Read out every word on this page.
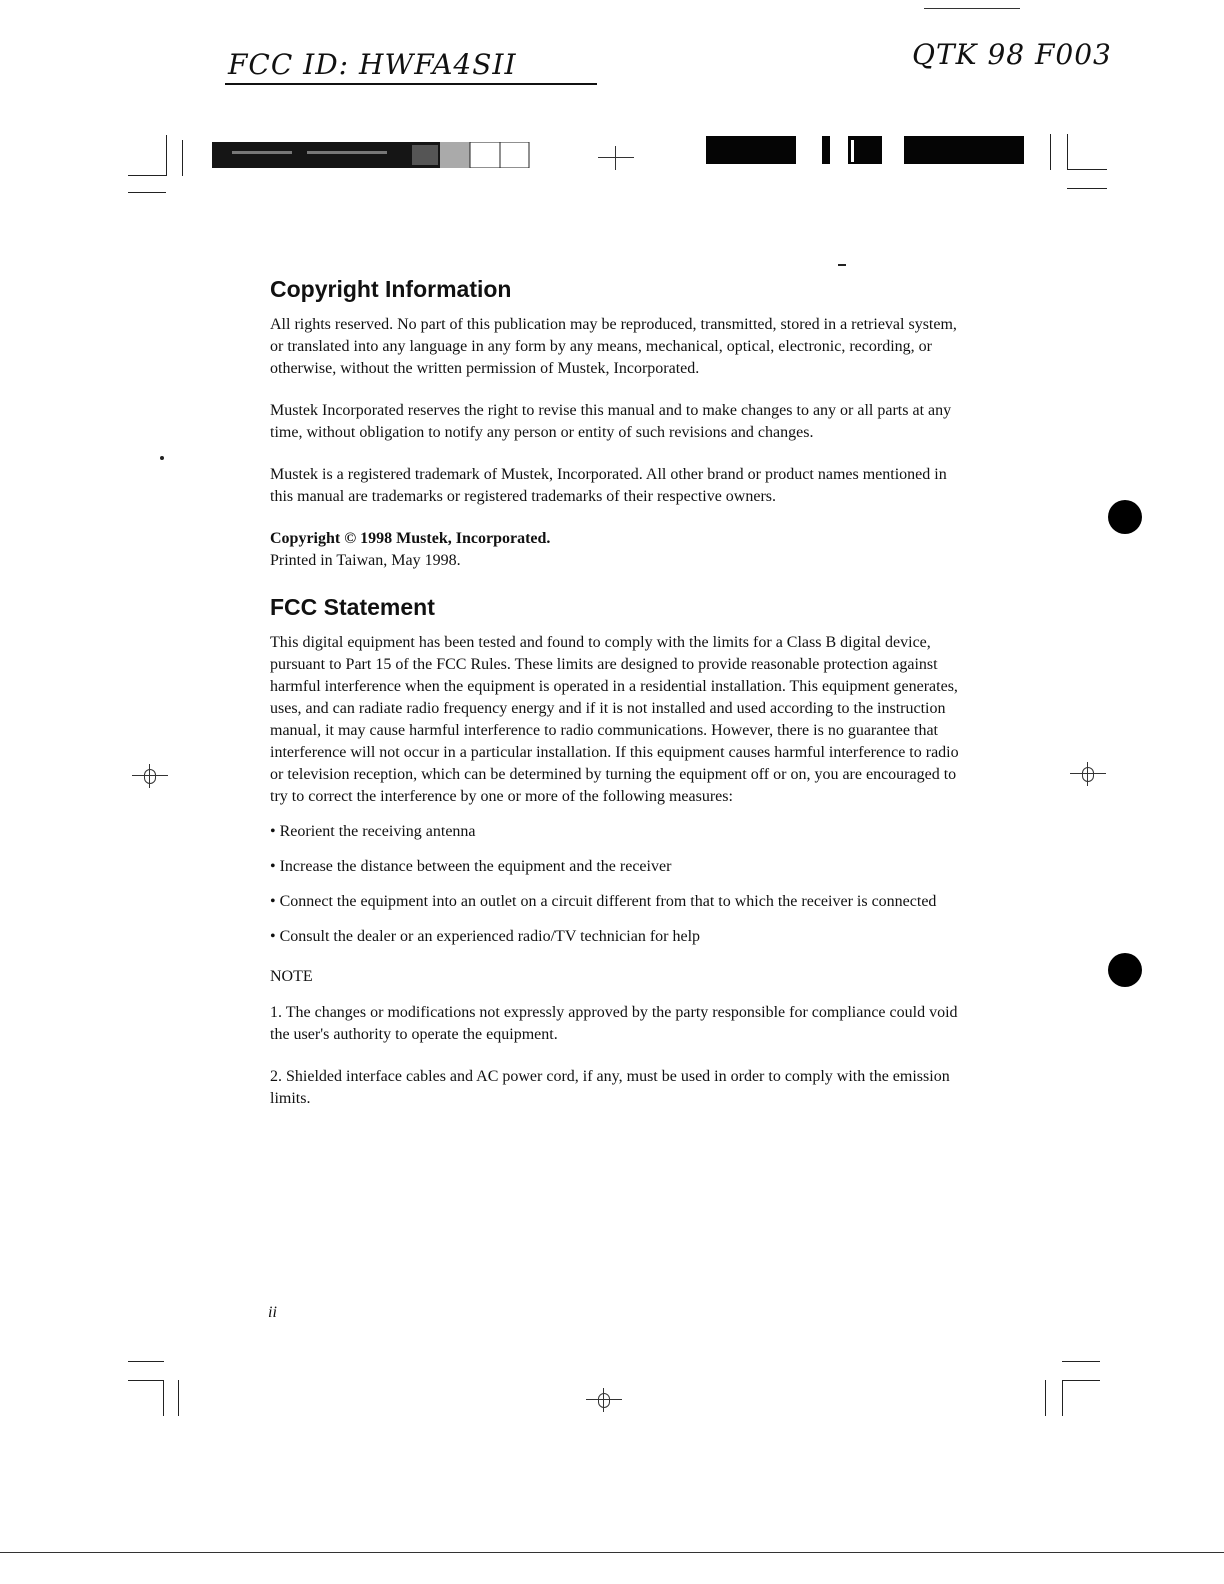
FCC ID: HWFA4SII	QTK 98 F003
Copyright Information

All rights reserved. No part of this publication may be reproduced, transmitted, stored in a retrieval system, or translated into any language in any form by any means, mechanical, optical, electronic, recording, or otherwise, without the written permission of Mustek, Incorporated.

Mustek Incorporated reserves the right to revise this manual and to make changes to any or all parts at any time, without obligation to notify any person or entity of such revisions and changes.

Mustek is a registered trademark of Mustek, Incorporated. All other brand or product names mentioned in this manual are trademarks or registered trademarks of their respective owners.

Copyright © 1998 Mustek, Incorporated.

Printed in Taiwan, May 1998.

FCC Statement

This digital equipment has been tested and found to comply with the limits for a Class B digital device, pursuant to Part 15 of the FCC Rules. These limits are designed to provide reasonable protection against harmful interference when the equipment is operated in a residential installation. This equipment generates, uses, and can radiate radio frequency energy and if it is not installed and used according to the instruction manual, it may cause harmful interference to radio communications. However, there is no guarantee that interference will not occur in a particular installation. If this equipment causes harmful interference to radio or television reception, which can be determined by turning the equipment off or on, you are encouraged to try to correct the interference by one or more of the following measures:

• Reorient the receiving antenna

• Increase the distance between the equipment and the receiver

• Connect the equipment into an outlet on a circuit different from that to which the receiver is connected

• Consult the dealer or an experienced radio/TV technician for help

NOTE

1. The changes or modifications not expressly approved by the party responsible for compliance could void the user's authority to operate the equipment.

2. Shielded interface cables and AC power cord, if any, must be used in order to comply with the emission limits.

ii
